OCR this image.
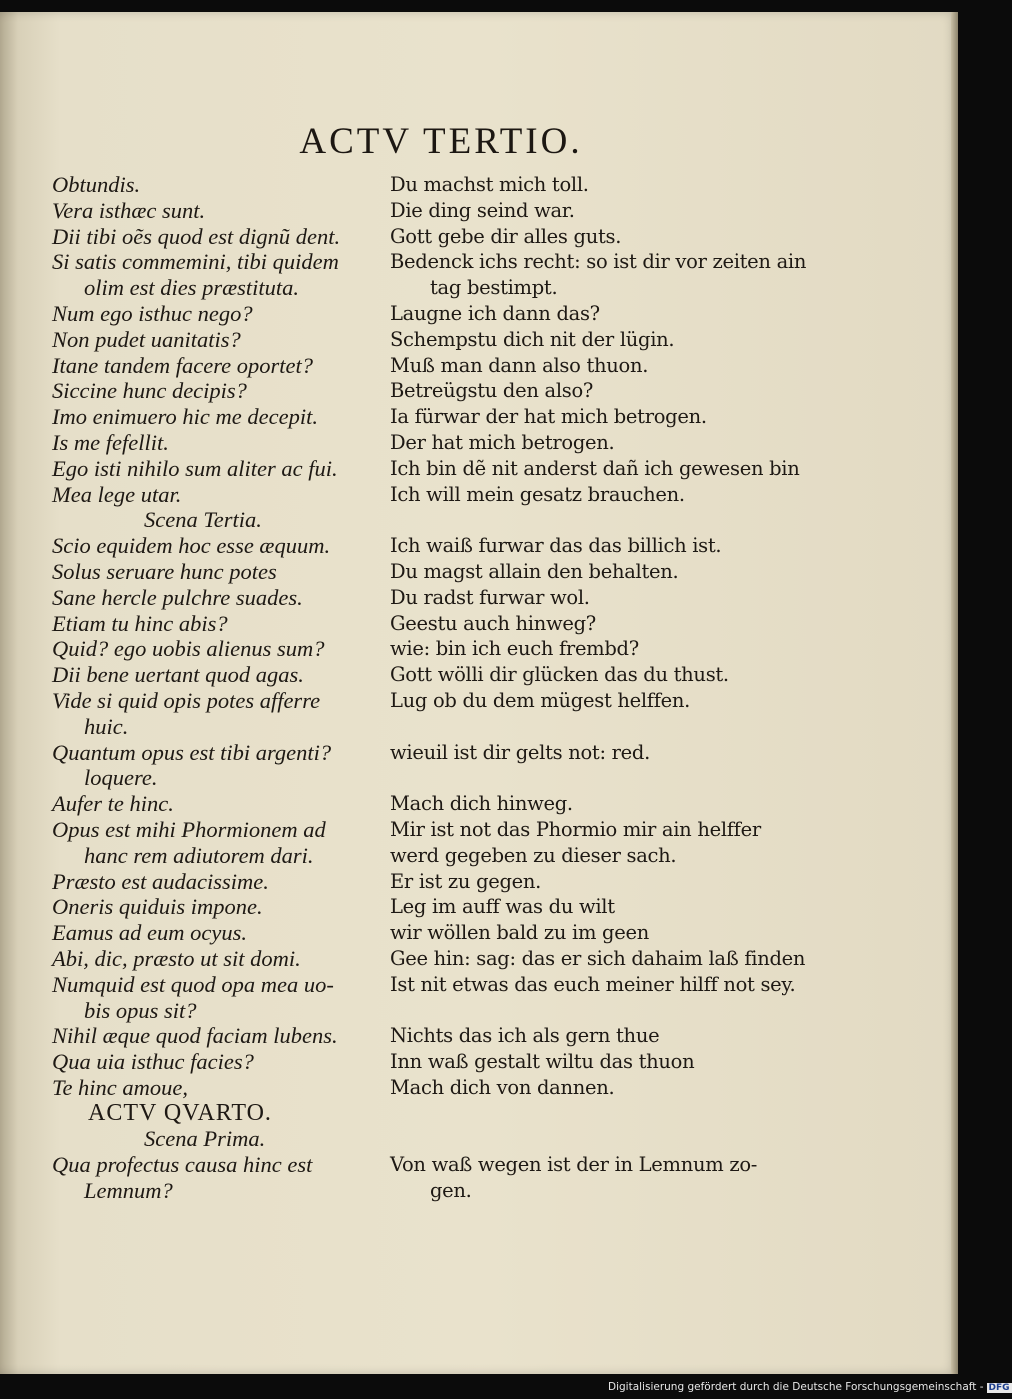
ACTV TERTIO.
Obtundis.
Vera isthæc sunt.
Dii tibi oẽs quod est dignũ dent.
Si satis commemini, tibi quidem
olim est dies præstituta.
Num ego isthuc nego?
Non pudet uanitatis?
Itane tandem facere oportet?
Siccine hunc decipis?
Imo enimuero hic me decepit.
Is me fefellit.
Ego isti nihilo sum aliter ac fui.
Mea lege utar.
Scena Tertia.
Scio equidem hoc esse æquum.
Solus seruare hunc potes
Sane hercle pulchre suades.
Etiam tu hinc abis?
Quid? ego uobis alienus sum?
Dii bene uertant quod agas.
Vide si quid opis potes afferre
huic.
Quantum opus est tibi argenti?
loquere.
Aufer te hinc.
Opus est mihi Phormionem ad
hanc rem adiutorem dari.
Præsto est audacissime.
Oneris quiduis impone.
Eamus ad eum ocyus.
Abi, dic, præsto ut sit domi.
Numquid est quod opa mea uo-
bis opus sit?
Nihil æque quod faciam lubens.
Qua uia isthuc facies?
Te hinc amoue,
ACTV QVARTO.
Scena Prima.
Qua profectus causa hinc est
Lemnum?
Du machst mich toll.
Die ding seind war.
Gott gebe dir alles guts.
Bedenck ichs recht: so ist dir vor zeiten ain
tag bestimpt.
Laugne ich dann das?
Schempstu dich nit der lügin.
Muß man dann also thuon.
Betreügstu den also?
Ia fürwar der hat mich betrogen.
Der hat mich betrogen.
Ich bin dẽ nit anderst dañ ich gewesen bin
Ich will mein gesatz brauchen.
Ich waiß furwar das das billich ist.
Du magst allain den behalten.
Du radst furwar wol.
Geestu auch hinweg?
wie: bin ich euch frembd?
Gott wölli dir glücken das du thust.
Lug ob du dem mügest helffen.
wieuil ist dir gelts not: red.
Mach dich hinweg.
Mir ist not das Phormio mir ain helffer
werd gegeben zu dieser sach.
Er ist zu gegen.
Leg im auff was du wilt
wir wöllen bald zu im geen
Gee hin: sag: das er sich dahaim laß finden
Ist nit etwas das euch meiner hilff not sey.
Nichts das ich als gern thue
Inn waß gestalt wiltu das thuon
Mach dich von dannen.
Von waß wegen ist der in Lemnum zo-
gen.
Digitalisierung gefördert durch die Deutsche Forschungsgemeinschaft - DFG
